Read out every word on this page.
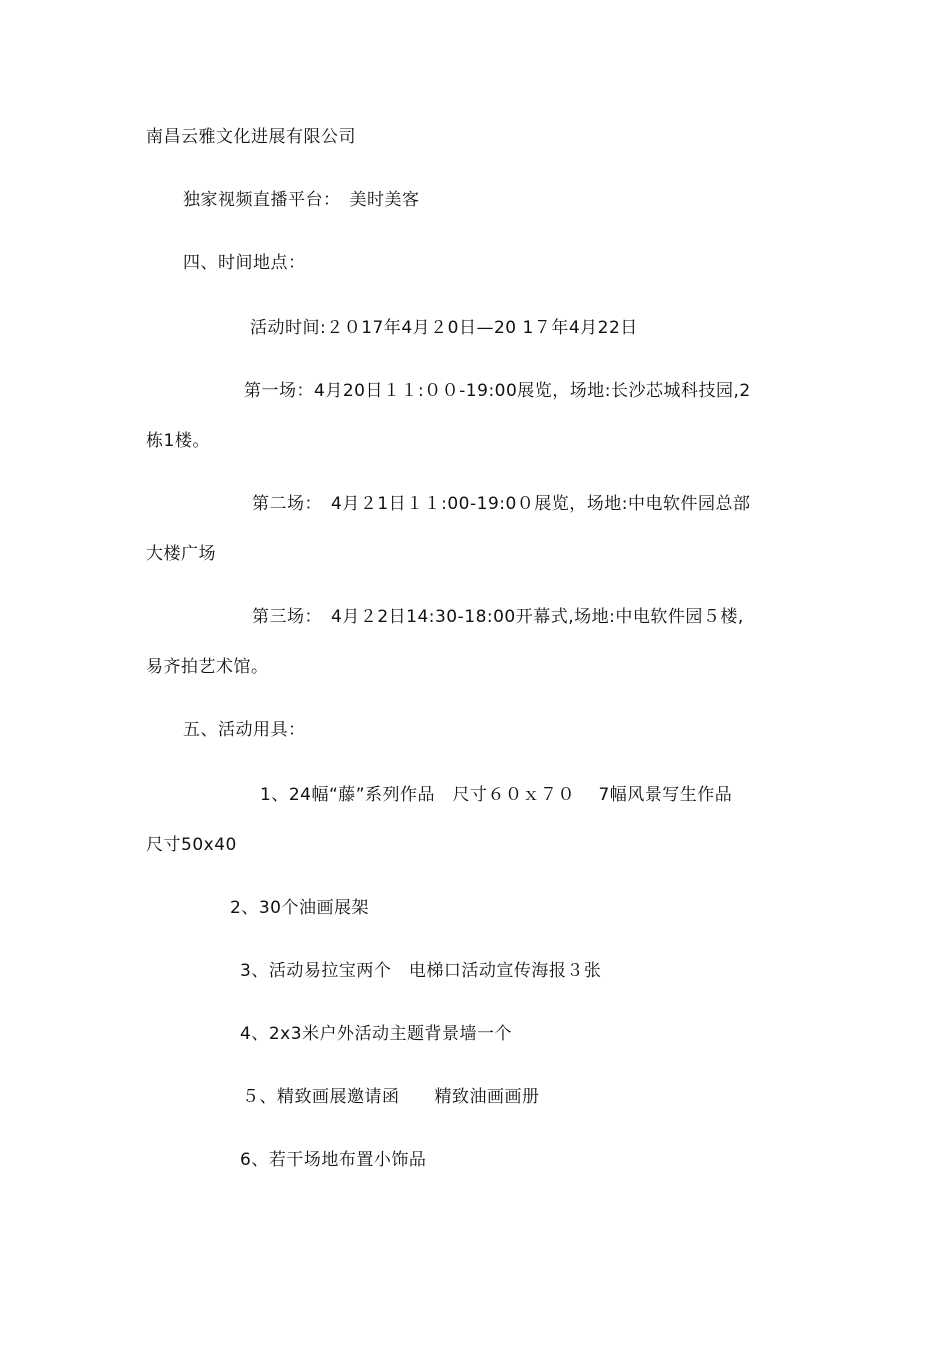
南昌云雅文化进展有限公司
独家视频直播平台：　美时美客
四、时间地点：
活动时间:２０17年4月２0日—20 1７年4月22日
第一场：4月20日１１:００-19:00展览，场地:长沙芯城科技园,2
栋1楼。
第二场：　4月２1日１１:00-19:0０展览，场地:中电软件园总部
大楼广场
第三场：　4月２2日14:30-18:00开幕式,场地:中电软件园５楼,
易齐拍艺术馆。
五、活动用具：
1、24幅“藤”系列作品　尺寸６０ｘ７０　 7幅风景写生作品
尺寸50x40
2、30个油画展架
3、活动易拉宝两个　电梯口活动宣传海报３张
4、2x3米户外活动主题背景墙一个
５、精致画展邀请函　　精致油画画册
6、若干场地布置小饰品
